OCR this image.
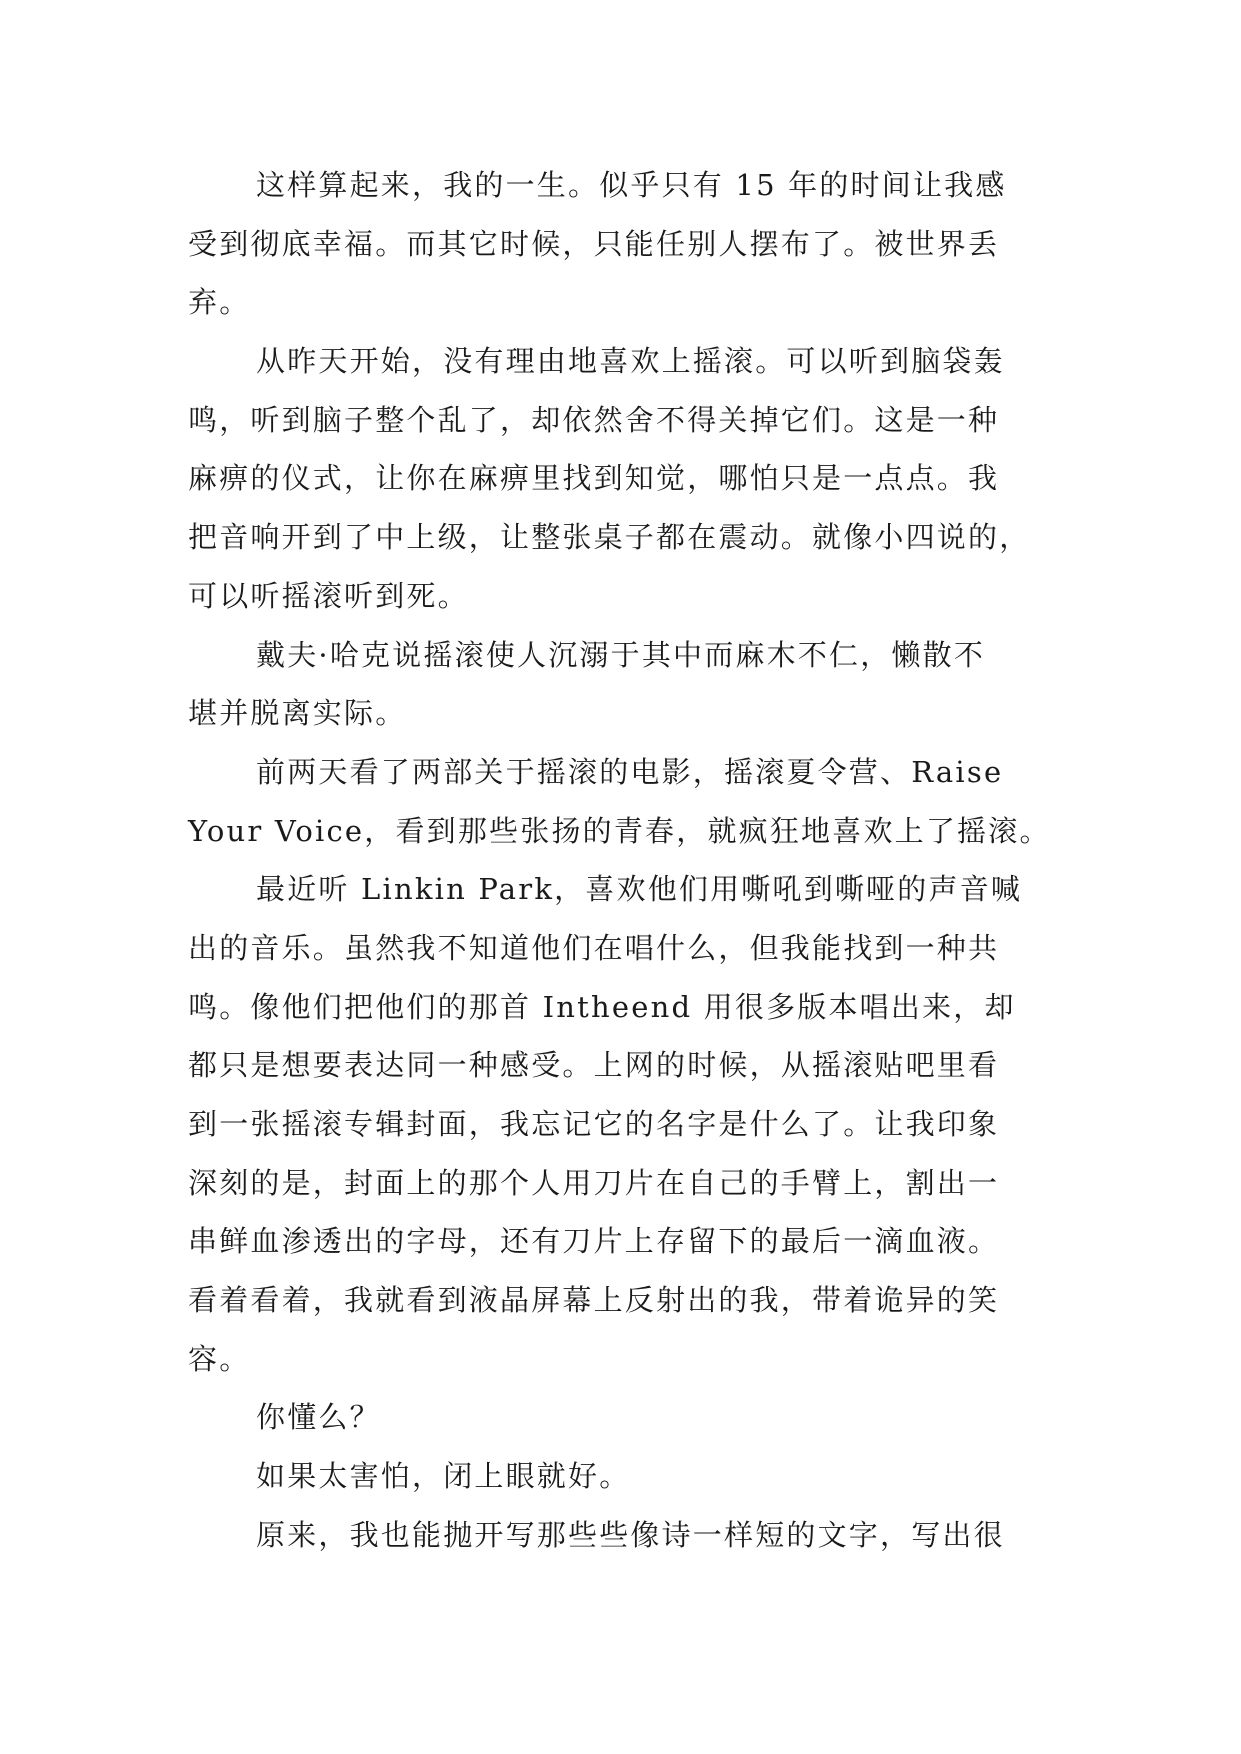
这样算起来，我的一生。似乎只有 15 年的时间让我感
受到彻底幸福。而其它时候，只能任别人摆布了。被世界丢
弃。
从昨天开始，没有理由地喜欢上摇滚。可以听到脑袋轰
鸣，听到脑子整个乱了，却依然舍不得关掉它们。这是一种
麻痹的仪式，让你在麻痹里找到知觉，哪怕只是一点点。我
把音响开到了中上级，让整张桌子都在震动。就像小四说的，
可以听摇滚听到死。
戴夫·哈克说摇滚使人沉溺于其中而麻木不仁，懒散不
堪并脱离实际。
前两天看了两部关于摇滚的电影，摇滚夏令营、Raise
Your Voice，看到那些张扬的青春，就疯狂地喜欢上了摇滚。
最近听 Linkin Park，喜欢他们用嘶吼到嘶哑的声音喊
出的音乐。虽然我不知道他们在唱什么，但我能找到一种共
鸣。像他们把他们的那首 Intheend 用很多版本唱出来，却
都只是想要表达同一种感受。上网的时候，从摇滚贴吧里看
到一张摇滚专辑封面，我忘记它的名字是什么了。让我印象
深刻的是，封面上的那个人用刀片在自己的手臂上，割出一
串鲜血渗透出的字母，还有刀片上存留下的最后一滴血液。
看着看着，我就看到液晶屏幕上反射出的我，带着诡异的笑
容。
你懂么？
如果太害怕，闭上眼就好。
原来，我也能抛开写那些些像诗一样短的文字，写出很
